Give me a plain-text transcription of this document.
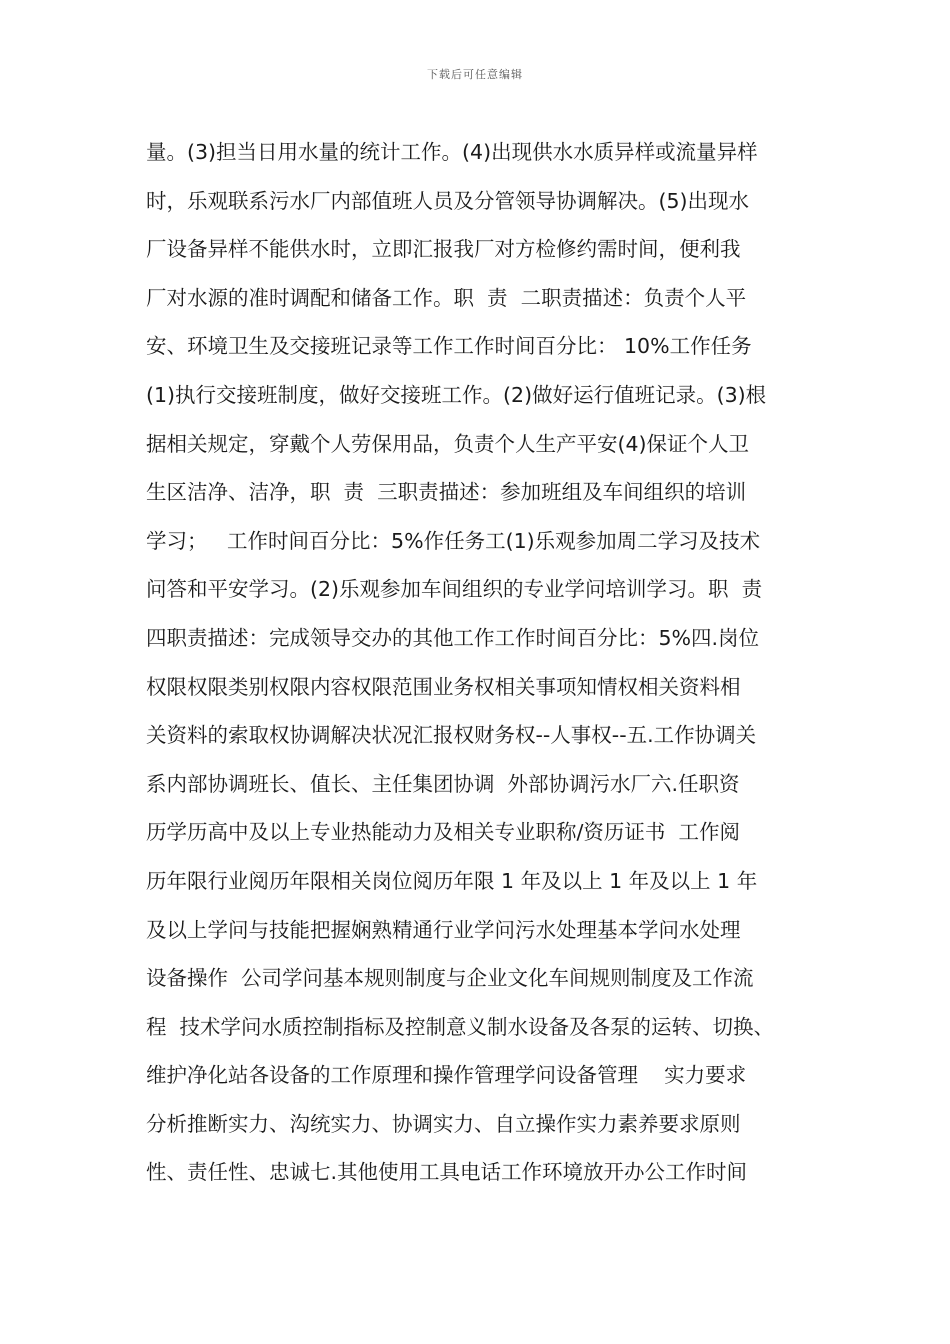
下载后可任意编辑
量。(3)担当日用水量的统计工作。(4)出现供水水质异样或流量异样
时，乐观联系污水厂内部值班人员及分管领导协调解决。(5)出现水
厂设备异样不能供水时，立即汇报我厂对方检修约需时间，便利我
厂对水源的准时调配和储备工作。职  责  二职责描述：负责个人平
安、环境卫生及交接班记录等工作工作时间百分比： 10%工作任务
(1)执行交接班制度，做好交接班工作。(2)做好运行值班记录。(3)根
据相关规定，穿戴个人劳保用品，负责个人生产平安(4)保证个人卫
生区洁净、洁净，职  责  三职责描述：参加班组及车间组织的培训
学习；   工作时间百分比：5%作任务工(1)乐观参加周二学习及技术
问答和平安学习。(2)乐观参加车间组织的专业学问培训学习。职  责
四职责描述：完成领导交办的其他工作工作时间百分比：5%四.岗位
权限权限类别权限内容权限范围业务权相关事项知情权相关资料相
关资料的索取权协调解决状况汇报权财务权--人事权--五.工作协调关
系内部协调班长、值长、主任集团协调  外部协调污水厂六.任职资
历学历高中及以上专业热能动力及相关专业职称/资历证书  工作阅
历年限行业阅历年限相关岗位阅历年限 1 年及以上 1 年及以上 1 年
及以上学问与技能把握娴熟精通行业学问污水处理基本学问水处理
设备操作  公司学问基本规则制度与企业文化车间规则制度及工作流
程  技术学问水质控制指标及控制意义制水设备及各泵的运转、切换、
维护净化站各设备的工作原理和操作管理学问设备管理    实力要求
分析推断实力、沟统实力、协调实力、自立操作实力素养要求原则
性、责任性、忠诚七.其他使用工具电话工作环境放开办公工作时间
